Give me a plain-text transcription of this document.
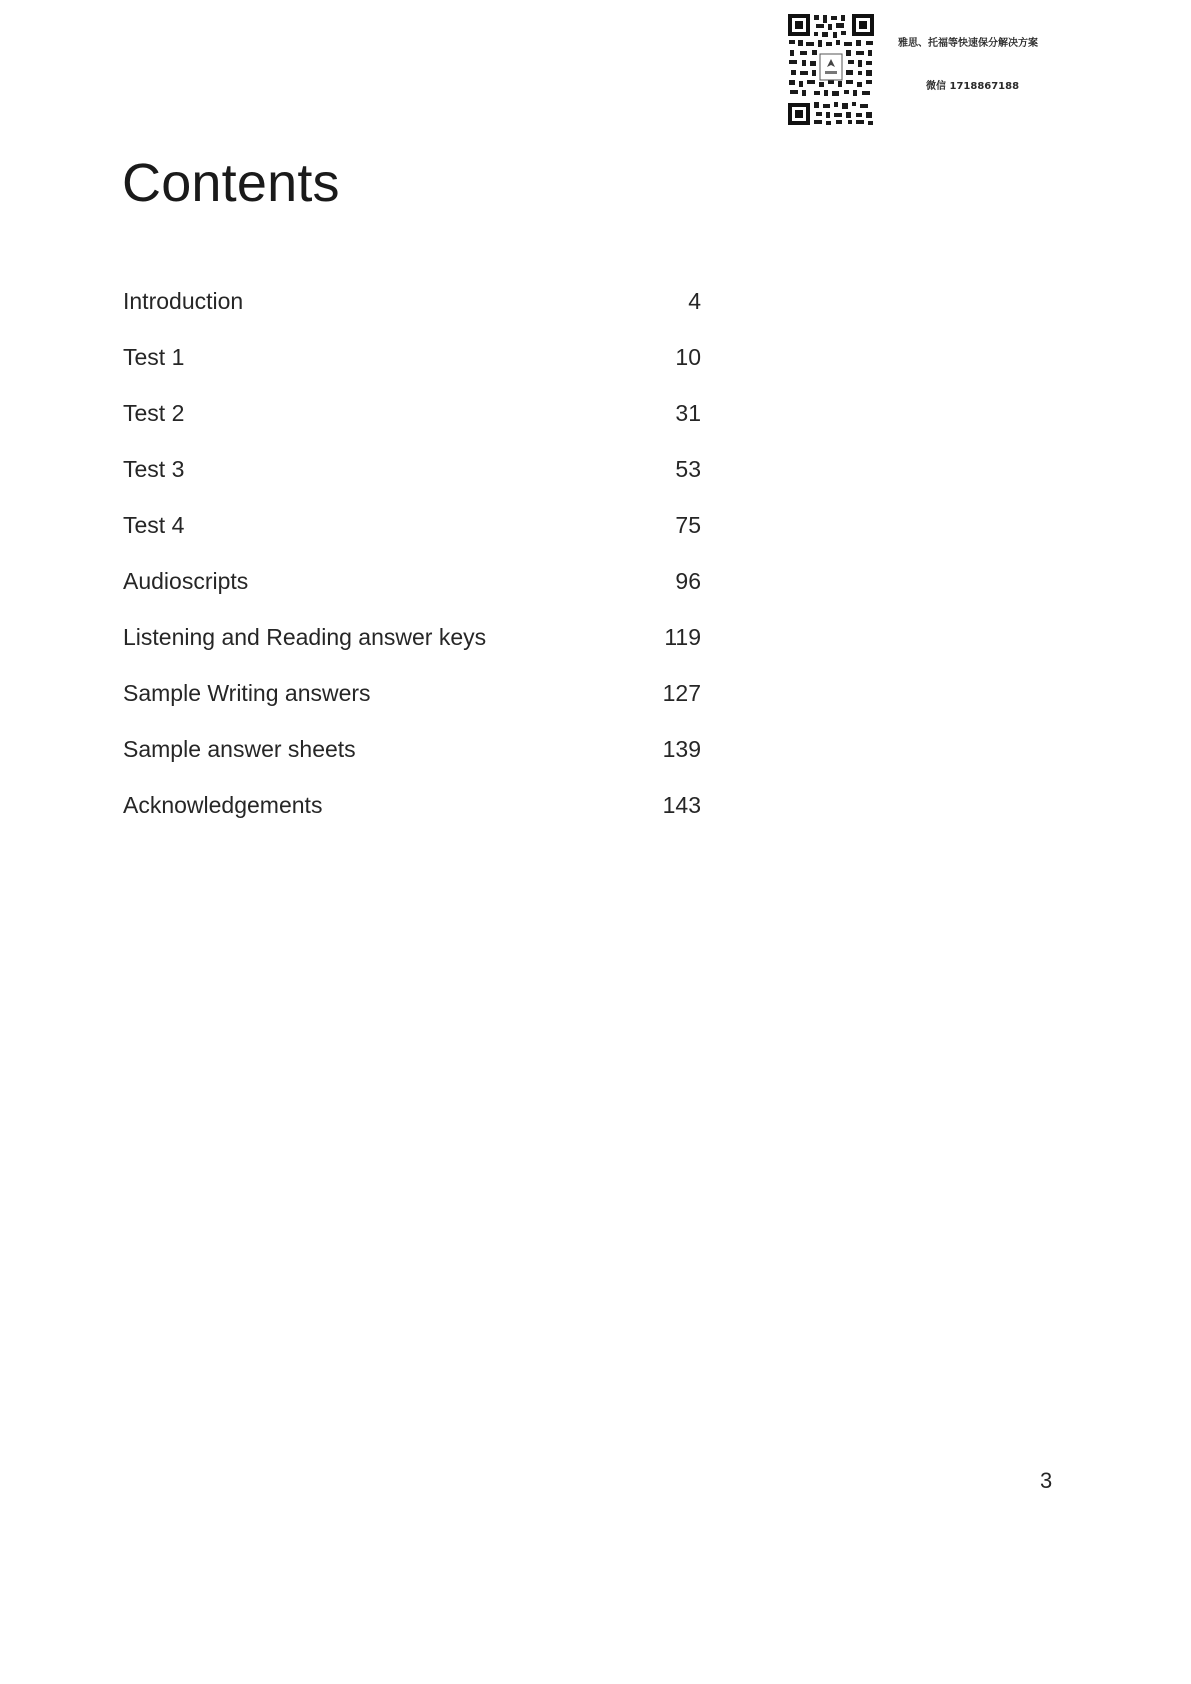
雅思、托福等快速保分解决方案
微信 1718867188
Contents
Introduction	4
Test 1	10
Test 2	31
Test 3	53
Test 4	75
Audioscripts	96
Listening and Reading answer keys	119
Sample Writing answers	127
Sample answer sheets	139
Acknowledgements	143
3
